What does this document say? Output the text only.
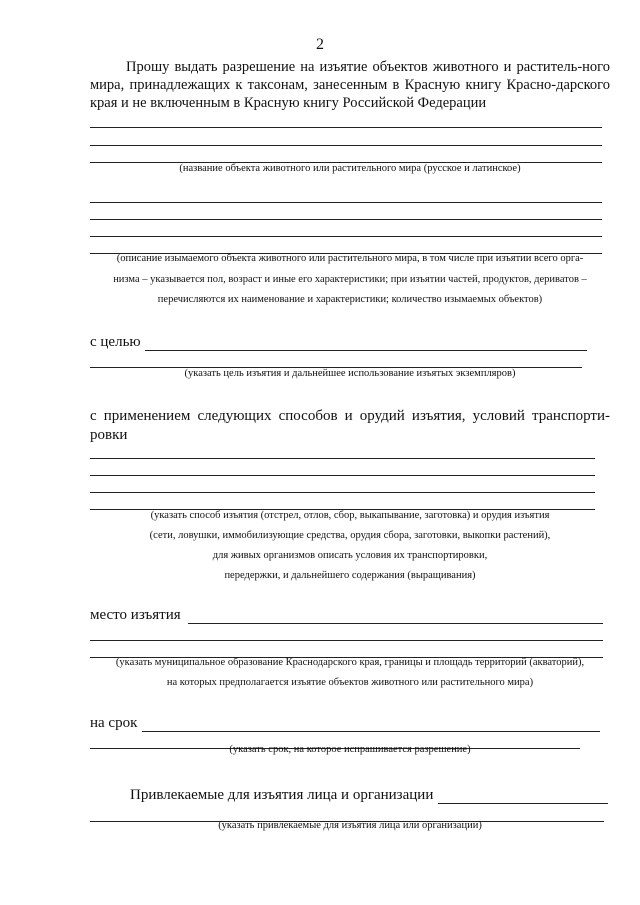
2

Прошу выдать разрешение на изъятие объектов животного и раститель-ного мира, принадлежащих к таксонам, занесенным в Красную книгу Красно-дарского края и не включенным в Красную книгу Российской Федерации

(название объекта животного или растительного мира (русское и латинское)
(описание изымаемого объекта животного или растительного мира, в том числе при изъятии всего орга-
низма – указывается пол, возраст и иные его характеристики; при изъятии частей, продуктов, дериватов –
перечисляются их наименование и характеристики; количество изымаемых объектов)
с целью
(указать цель изъятия и дальнейшее использование изъятых экземпляров)

с применением следующих способов и орудий изъятия, условий транспорти-ровки

(указать способ изъятия (отстрел, отлов, сбор, выкапывание, заготовка) и орудия изъятия
(сети, ловушки, иммобилизующие средства, орудия сбора, заготовки, выкопки растений),
для живых организмов описать условия их транспортировки,
передержки, и дальнейшего содержания (выращивания)
место изъятия
(указать муниципальное образование Краснодарского края, границы и площадь территорий (акваторий),
на которых предполагается изъятие объектов животного или растительного мира)
на срок
(указать срок, на которое испрашивается разрешение)
Привлекаемые для изъятия лица и организации
(указать привлекаемые для изъятия лица или организации)
